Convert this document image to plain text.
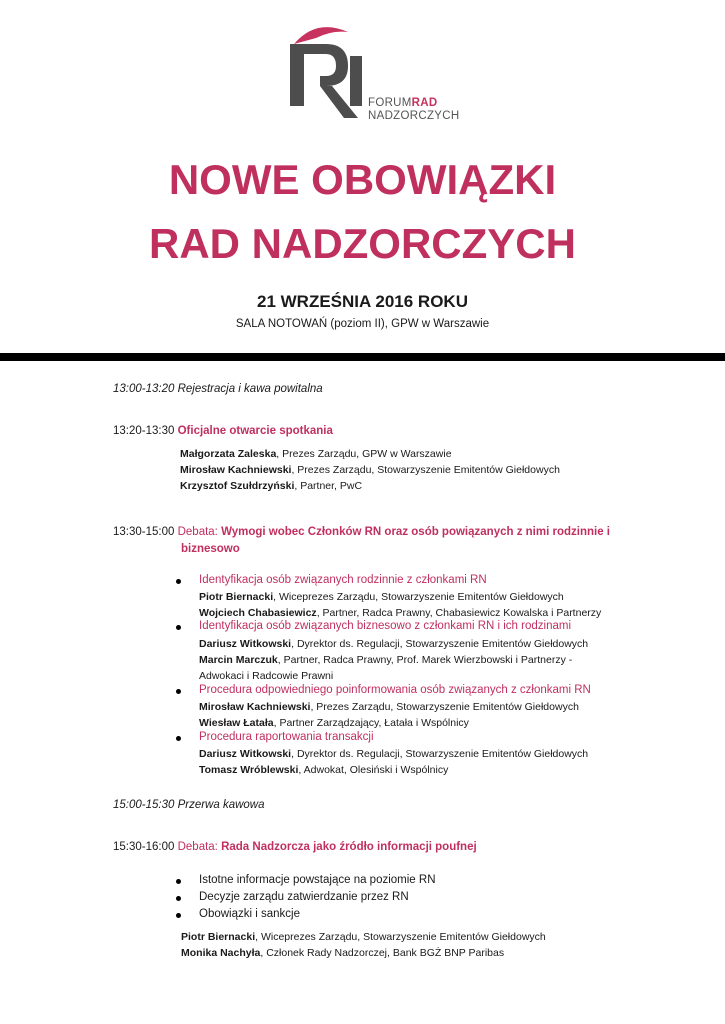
FORUMRAD
NADZORCZYCH
NOWE OBOWIĄZKI
RAD NADZORCZYCH
21 WRZEŚNIA 2016 ROKU
SALA NOTOWAŃ (poziom II), GPW w Warszawie
13:00-13:20 Rejestracja i kawa powitalna
13:20-13:30 Oficjalne otwarcie spotkania
Małgorzata Zaleska, Prezes Zarządu, GPW w Warszawie
Mirosław Kachniewski, Prezes Zarządu, Stowarzyszenie Emitentów Giełdowych
Krzysztof Szułdrzyński, Partner, PwC
13:30-15:00 Debata: Wymogi wobec Członków RN oraz osób powiązanych z nimi rodzinnie i
biznesowo
Identyfikacja osób związanych rodzinnie z członkami RN
Piotr Biernacki, Wiceprezes Zarządu, Stowarzyszenie Emitentów Giełdowych
Wojciech Chabasiewicz, Partner, Radca Prawny, Chabasiewicz Kowalska i Partnerzy
Identyfikacja osób związanych biznesowo z członkami RN i ich rodzinami
Dariusz Witkowski, Dyrektor ds. Regulacji, Stowarzyszenie Emitentów Giełdowych
Marcin Marczuk, Partner, Radca Prawny, Prof. Marek Wierzbowski i Partnerzy -
Adwokaci i Radcowie Prawni
Procedura odpowiedniego poinformowania osób związanych z członkami RN
Mirosław Kachniewski, Prezes Zarządu, Stowarzyszenie Emitentów Giełdowych
Wiesław Łatała, Partner Zarządzający, Łatała i Wspólnicy
Procedura raportowania transakcji
Dariusz Witkowski, Dyrektor ds. Regulacji, Stowarzyszenie Emitentów Giełdowych
Tomasz Wróblewski, Adwokat, Olesiński i Wspólnicy
15:00-15:30 Przerwa kawowa
15:30-16:00 Debata: Rada Nadzorcza jako źródło informacji poufnej
Istotne informacje powstające na poziomie RN
Decyzje zarządu zatwierdzanie przez RN
Obowiązki i sankcje
Piotr Biernacki, Wiceprezes Zarządu, Stowarzyszenie Emitentów Giełdowych
Monika Nachyła, Członek Rady Nadzorczej, Bank BGŻ BNP Paribas
